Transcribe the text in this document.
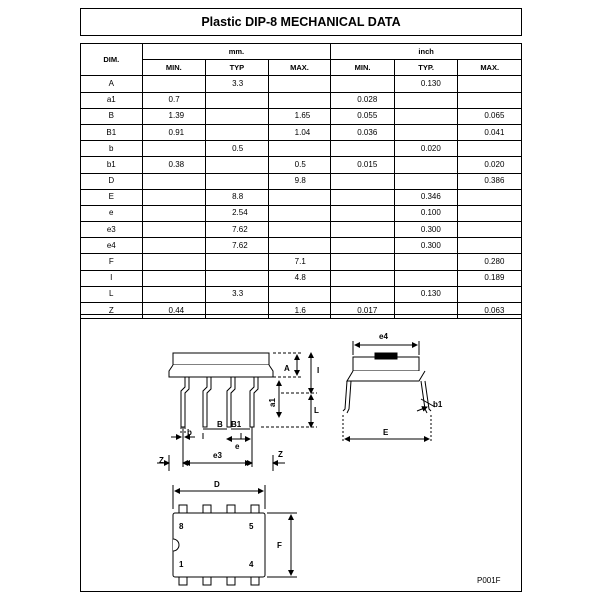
Plastic DIP-8 MECHANICAL DATA
DIM.	mm.			inch		
	MIN.	TYP	MAX.	MIN.	TYP.	MAX.
A		3.3			0.130	
a1	0.7			0.028		
B	1.39		1.65	0.055		0.065
B1	0.91		1.04	0.036		0.041
b		0.5			0.020	
b1	0.38		0.5	0.015		0.020
D			9.8			0.386
E		8.8			0.346	
e		2.54			0.100	
e3		7.62			0.300	
e4		7.62			0.300	
F			7.1			0.280
I			4.8			0.189
L		3.3			0.130	
Z	0.44		1.6	0.017		0.063
A	I
a1
L
b
B B1
e
e3
Z
Z
e4
b1
E
D
F
8	5
1	4
P001F
